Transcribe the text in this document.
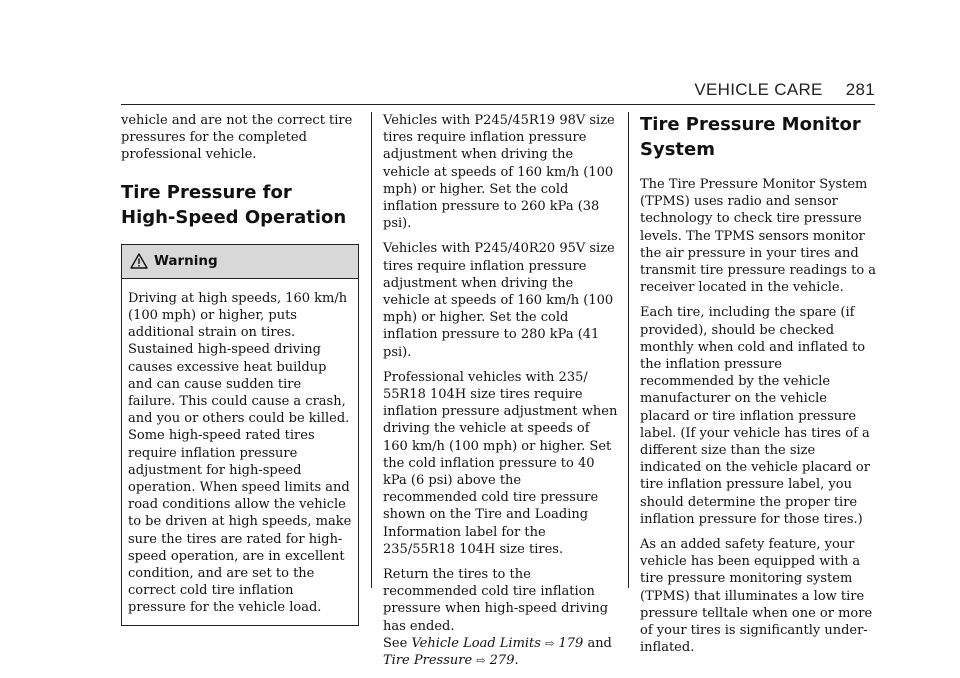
VEHICLE CARE 281

vehicle and are not the correct tire pressures for the completed professional vehicle.

Tire Pressure for
High-Speed Operation
Warning

Driving at high speeds, 160 km/h (100 mph) or higher, puts additional strain on tires. Sustained high-speed driving causes excessive heat buildup and can cause sudden tire failure. This could cause a crash, and you or others could be killed. Some high-speed rated tires require inflation pressure adjustment for high-speed operation. When speed limits and road conditions allow the vehicle to be driven at high speeds, make sure the tires are rated for high-speed operation, are in excellent condition, and are set to the correct cold tire inflation pressure for the vehicle load.

Vehicles with P245/45R19 98V size tires require inflation pressure adjustment when driving the vehicle at speeds of 160 km/h (100 mph) or higher. Set the cold inflation pressure to 260 kPa (38 psi).

Vehicles with P245/40R20 95V size tires require inflation pressure adjustment when driving the vehicle at speeds of 160 km/h (100 mph) or higher. Set the cold inflation pressure to 280 kPa (41 psi).

Professional vehicles with 235/ 55R18 104H size tires require inflation pressure adjustment when driving the vehicle at speeds of 160 km/h (100 mph) or higher. Set the cold inflation pressure to 40 kPa (6 psi) above the recommended cold tire pressure shown on the Tire and Loading Information label for the 235/55R18 104H size tires.

Return the tires to the recommended cold tire inflation pressure when high-speed driving has ended.
See Vehicle Load Limits ⇨ 179 and Tire Pressure ⇨ 279.

Tire Pressure Monitor
System

The Tire Pressure Monitor System (TPMS) uses radio and sensor technology to check tire pressure levels. The TPMS sensors monitor the air pressure in your tires and transmit tire pressure readings to a receiver located in the vehicle.

Each tire, including the spare (if provided), should be checked monthly when cold and inflated to the inflation pressure recommended by the vehicle manufacturer on the vehicle placard or tire inflation pressure label. (If your vehicle has tires of a different size than the size indicated on the vehicle placard or tire inflation pressure label, you should determine the proper tire inflation pressure for those tires.)

As an added safety feature, your vehicle has been equipped with a tire pressure monitoring system (TPMS) that illuminates a low tire pressure telltale when one or more of your tires is significantly under-inflated.
